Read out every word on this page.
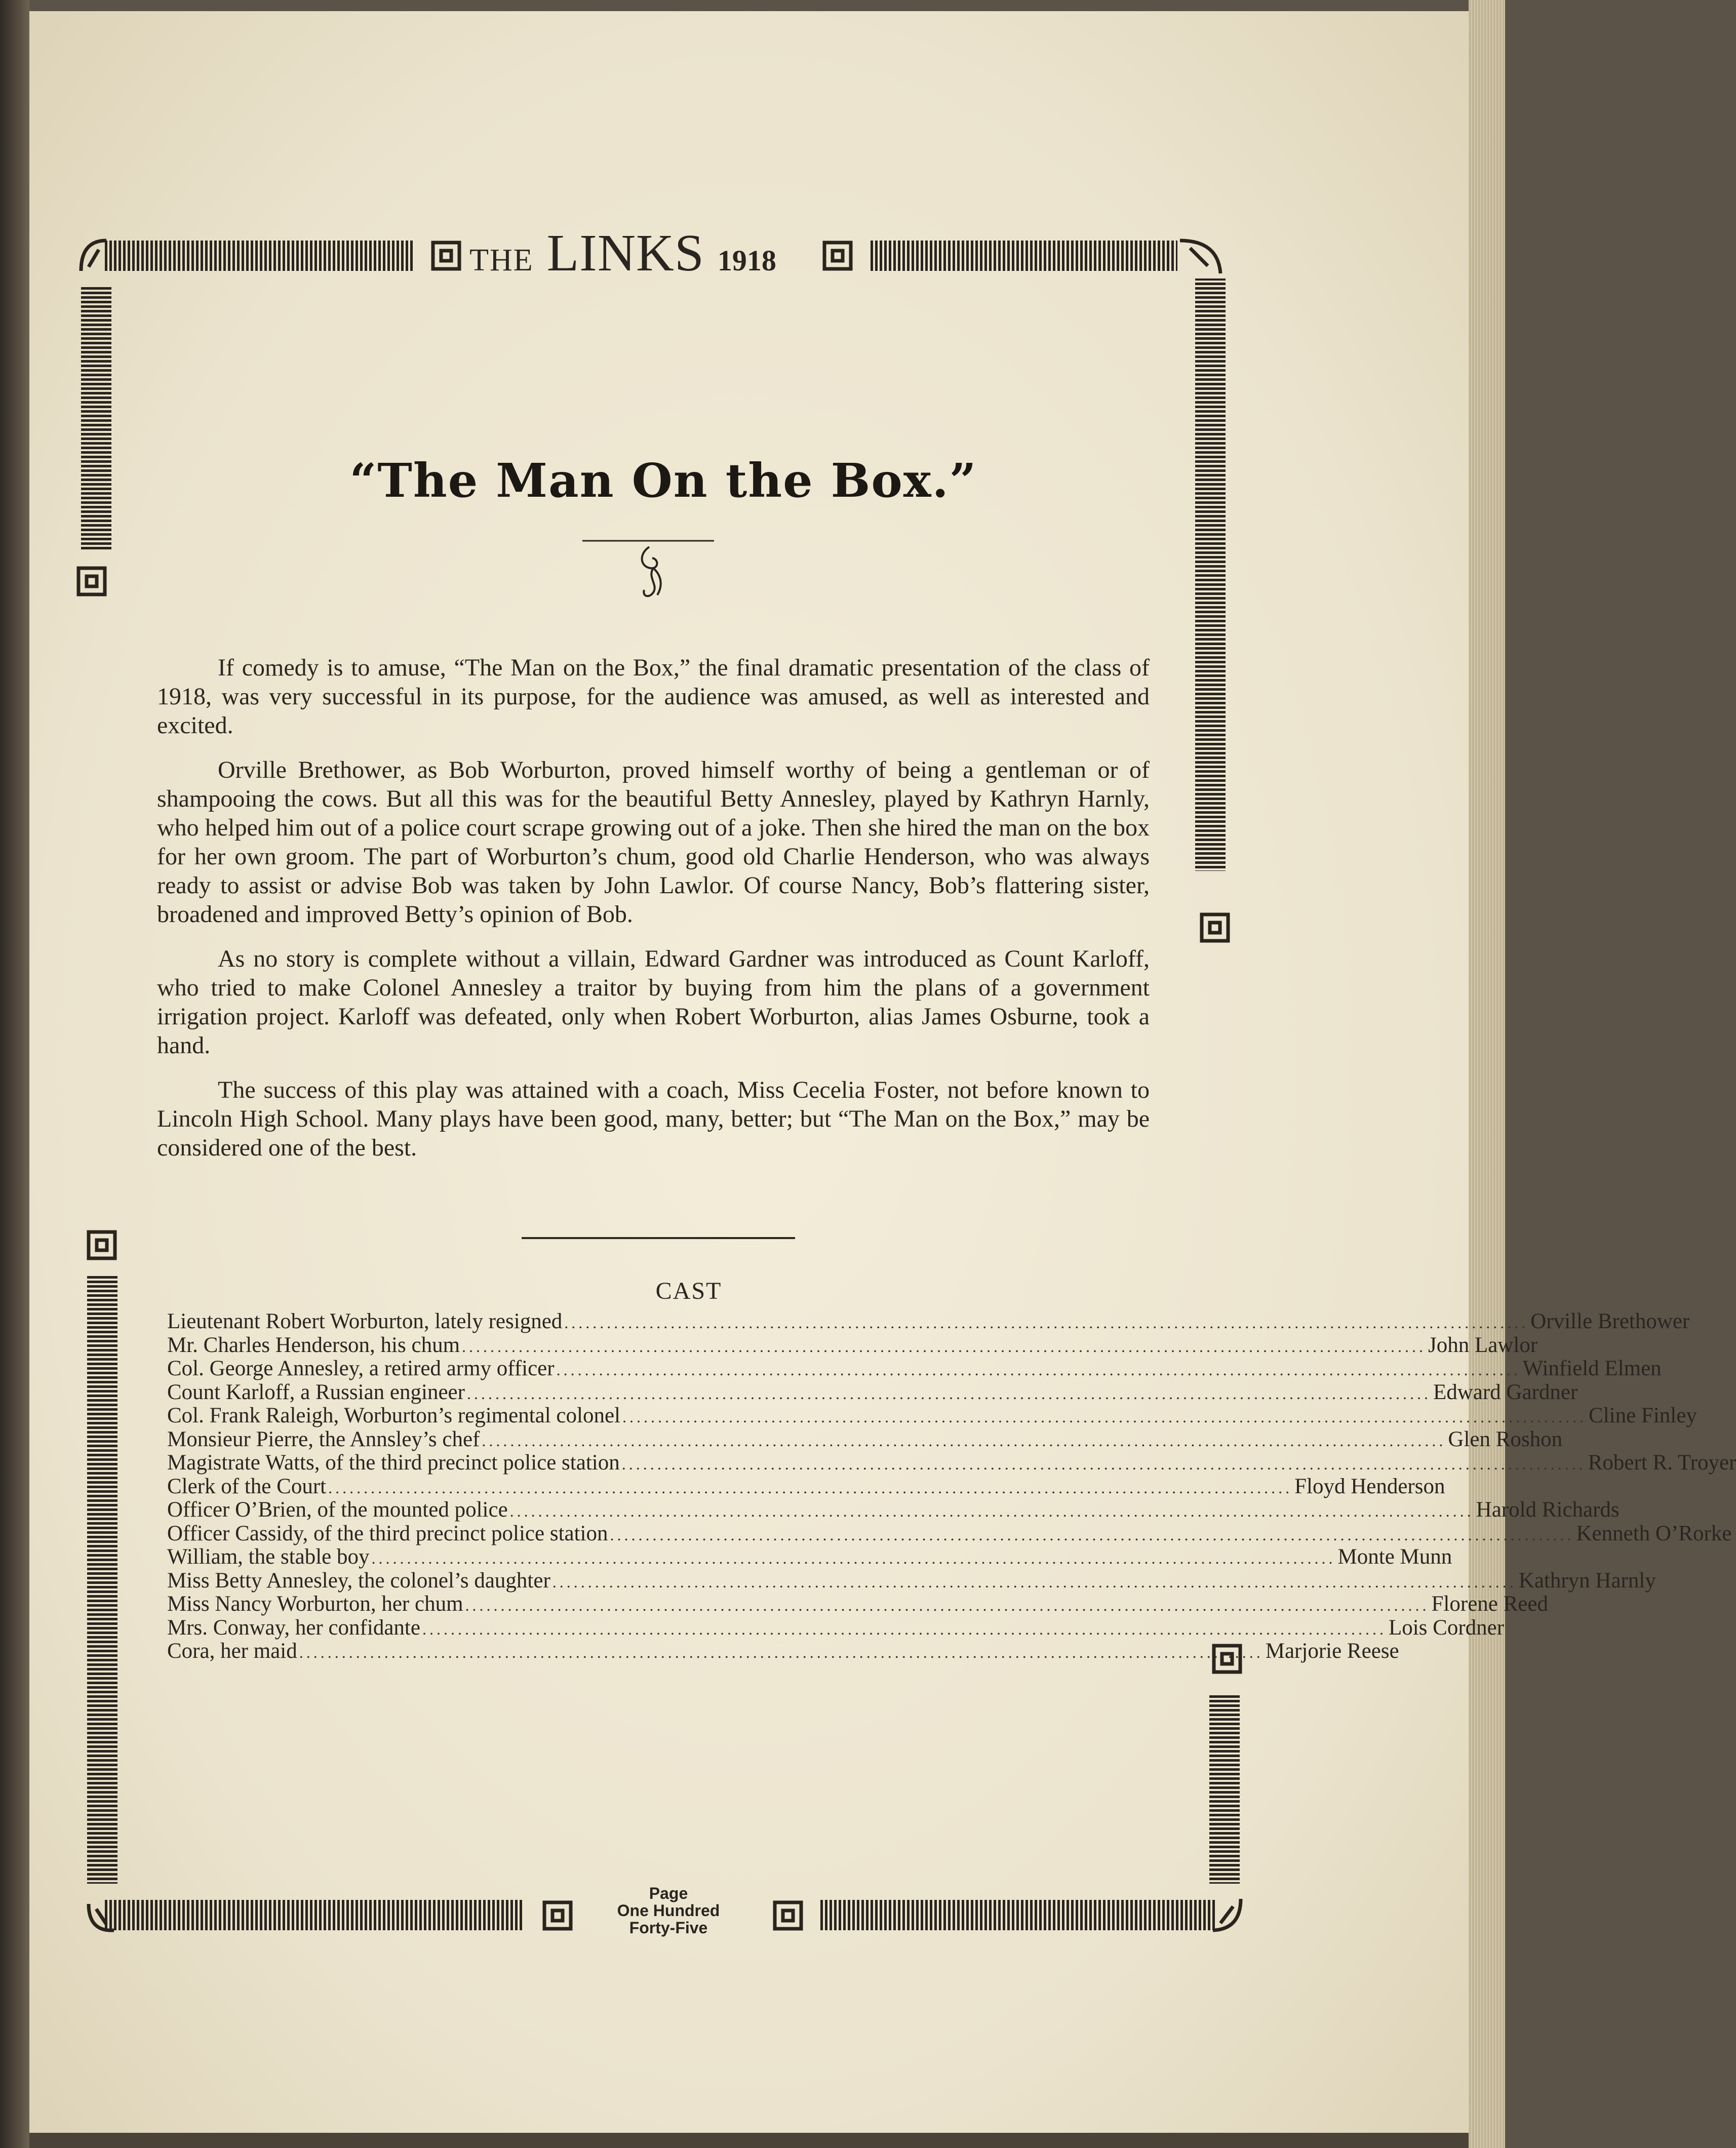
THE LINKS 1918
“The Man On the Box.”

If comedy is to amuse, “The Man on the Box,” the final dramatic presentation of the class of 1918, was very successful in its purpose, for the audience was amused, as well as interested and excited.

Orville Brethower, as Bob Worburton, proved himself worthy of being a gentleman or of shampooing the cows. But all this was for the beautiful Betty Annesley, played by Kathryn Harnly, who helped him out of a police court scrape growing out of a joke. Then she hired the man on the box for her own groom. The part of Worburton’s chum, good old Charlie Henderson, who was always ready to assist or advise Bob was taken by John Lawlor. Of course Nancy, Bob’s flattering sister, broadened and improved Betty’s opinion of Bob.

As no story is complete without a villain, Edward Gardner was introduced as Count Karloff, who tried to make Colonel Annesley a traitor by buying from him the plans of a government irrigation project. Karloff was defeated, only when Robert Worburton, alias James Osburne, took a hand.

The success of this play was attained with a coach, Miss Cecelia Foster, not before known to Lincoln High School. Many plays have been good, many, better; but “The Man on the Box,” may be considered one of the best.

CAST
Lieutenant Robert Worburton, lately resigned ........................................................................................................................................ Orville Brethower
Mr. Charles Henderson, his chum ........................................................................................................................................ John Lawlor
Col. George Annesley, a retired army officer ........................................................................................................................................ Winfield Elmen
Count Karloff, a Russian engineer ........................................................................................................................................ Edward Gardner
Col. Frank Raleigh, Worburton’s regimental colonel ........................................................................................................................................ Cline Finley
Monsieur Pierre, the Annsley’s chef ........................................................................................................................................ Glen Roshon
Magistrate Watts, of the third precinct police station ........................................................................................................................................ Robert R. Troyer
Clerk of the Court ........................................................................................................................................ Floyd Henderson
Officer O’Brien, of the mounted police ........................................................................................................................................ Harold Richards
Officer Cassidy, of the third precinct police station ........................................................................................................................................ Kenneth O’Rorke
William, the stable boy ........................................................................................................................................ Monte Munn
Miss Betty Annesley, the colonel’s daughter ........................................................................................................................................ Kathryn Harnly
Miss Nancy Worburton, her chum ........................................................................................................................................ Florene Reed
Mrs. Conway, her confidante ........................................................................................................................................ Lois Cordner
Cora, her maid ........................................................................................................................................ Marjorie Reese
Page
One Hundred
Forty-Five
